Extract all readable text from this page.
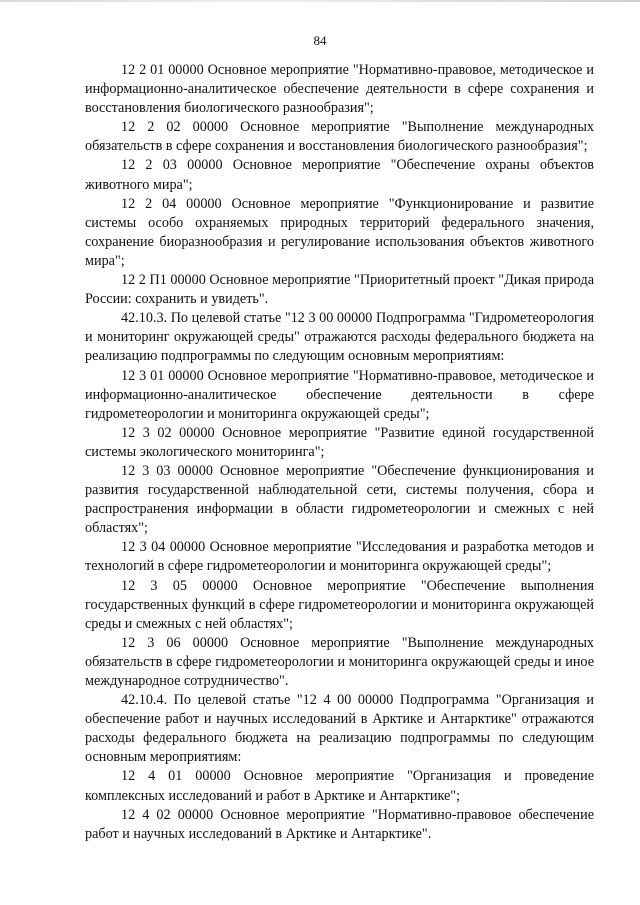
84

12 2 01 00000 Основное мероприятие "Нормативно-правовое, методическое и информационно-аналитическое обеспечение деятельности в сфере сохранения и восстановления биологического разнообразия";

12 2 02 00000 Основное мероприятие "Выполнение международных обязательств в сфере сохранения и восстановления биологического разнообразия";

12 2 03 00000 Основное мероприятие "Обеспечение охраны объектов животного мира";

12 2 04 00000 Основное мероприятие "Функционирование и развитие системы особо охраняемых природных территорий федерального значения, сохранение биоразнообразия и регулирование использования объектов животного мира";

12 2 П1 00000 Основное мероприятие "Приоритетный проект "Дикая природа России: сохранить и увидеть".

42.10.3. По целевой статье "12 3 00 00000 Подпрограмма "Гидрометеорология и мониторинг окружающей среды" отражаются расходы федерального бюджета на реализацию подпрограммы по следующим основным мероприятиям:

12 3 01 00000 Основное мероприятие "Нормативно-правовое, методическое и информационно-аналитическое обеспечение деятельности в сфере гидрометеорологии и мониторинга окружающей среды";

12 3 02 00000 Основное мероприятие "Развитие единой государственной системы экологического мониторинга";

12 3 03 00000 Основное мероприятие "Обеспечение функционирования и развития государственной наблюдательной сети, системы получения, сбора и распространения информации в области гидрометеорологии и смежных с ней областях";

12 3 04 00000 Основное мероприятие "Исследования и разработка методов и технологий в сфере гидрометеорологии и мониторинга окружающей среды";

12 3 05 00000 Основное мероприятие "Обеспечение выполнения государственных функций в сфере гидрометеорологии и мониторинга окружающей среды и смежных с ней областях";

12 3 06 00000 Основное мероприятие "Выполнение международных обязательств в сфере гидрометеорологии и мониторинга окружающей среды и иное международное сотрудничество".

42.10.4. По целевой статье "12 4 00 00000 Подпрограмма "Организация и обеспечение работ и научных исследований в Арктике и Антарктике" отражаются расходы федерального бюджета на реализацию подпрограммы по следующим основным мероприятиям:

12 4 01 00000 Основное мероприятие "Организация и проведение комплексных исследований и работ в Арктике и Антарктике";

12 4 02 00000 Основное мероприятие "Нормативно-правовое обеспечение работ и научных исследований в Арктике и Антарктике".
